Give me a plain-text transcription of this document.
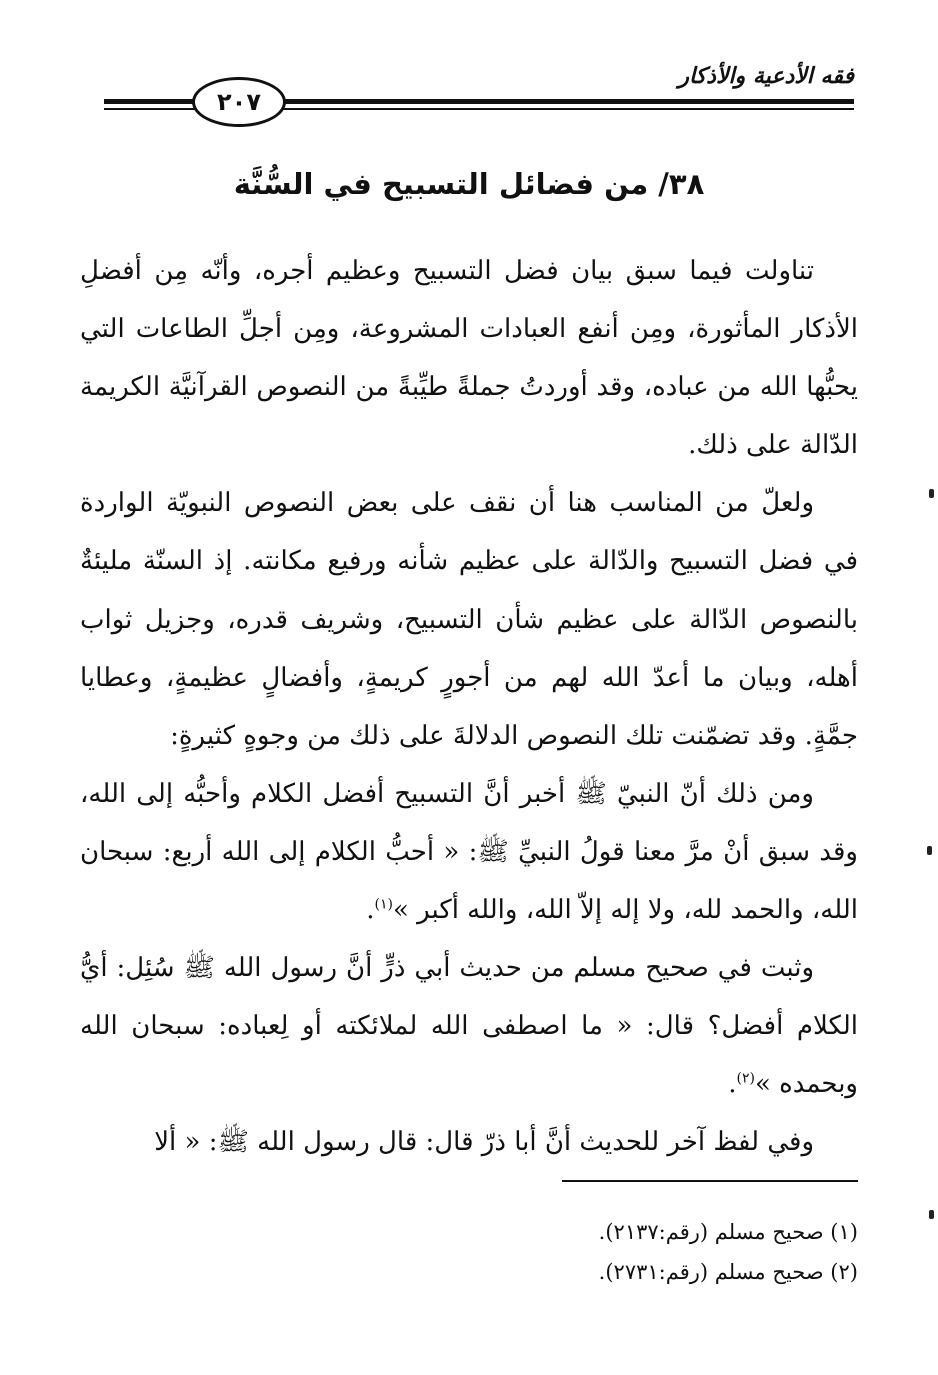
فقه الأدعية والأذكار
٢٠٧
٣٨/ من فضائل التسبيح في السُّنَّة

تناولت فيما سبق بيان فضل التسبيح وعظيم أجره، وأنّه مِن أفضلِ الأذكار المأثورة، ومِن أنفع العبادات المشروعة، ومِن أجلِّ الطاعات التي يحبُّها الله من عباده، وقد أوردتُ جملةً طيِّبةً من النصوص القرآنيَّة الكريمة الدّالة على ذلك.

ولعلّ من المناسب هنا أن نقف على بعض النصوص النبويّة الواردة في فضل التسبيح والدّالة على عظيم شأنه ورفيع مكانته. إذ السنّة مليئةٌ بالنصوص الدّالة على عظيم شأن التسبيح، وشريف قدره، وجزيل ثواب أهله، وبيان ما أعدّ الله لهم من أجورٍ كريمةٍ، وأفضالٍ عظيمةٍ، وعطايا جمَّةٍ. وقد تضمّنت تلك النصوص الدلالةَ على ذلك من وجوهٍ كثيرةٍ:

ومن ذلك أنّ النبيّ ﷺ أخبر أنَّ التسبيح أفضل الكلام وأحبُّه إلى الله، وقد سبق أنْ مرَّ معنا قولُ النبيِّ ﷺ: « أحبُّ الكلام إلى الله أربع: سبحان الله، والحمد لله، ولا إله إلاّ الله، والله أكبر »$^{(١)}$.

وثبت في صحيح مسلم من حديث أبي ذرٍّ أنَّ رسول الله ﷺ سُئِل: أيُّ الكلام أفضل؟ قال: « ما اصطفى الله لملائكته أو لِعباده: سبحان الله وبحمده »$^{(٢)}$.

وفي لفظ آخر للحديث أنَّ أبا ذرّ قال: قال رسول الله ﷺ: « ألا

(١) صحيح مسلم (رقم:٢١٣٧).
(٢) صحيح مسلم (رقم:٢٧٣١).
